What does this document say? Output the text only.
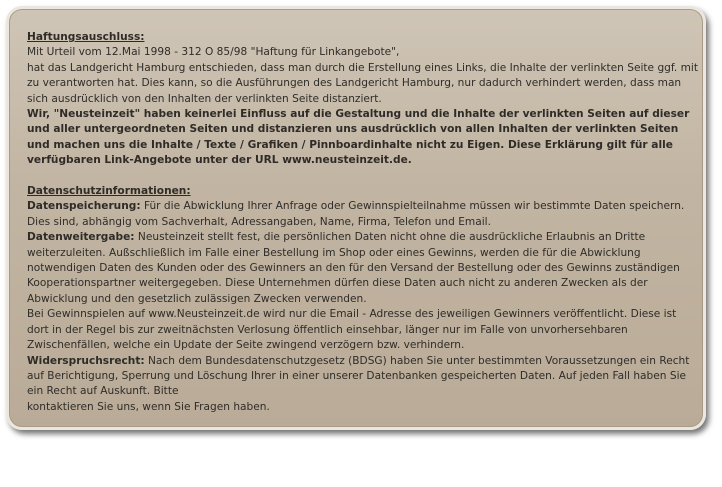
Haftungsauschluss:

Mit Urteil vom 12.Mai 1998 - 312 O 85/98 "Haftung für Linkangebote",

hat das Landgericht Hamburg entschieden, dass man durch die Erstellung eines Links, die Inhalte der verlinkten Seite ggf. mit zu verantworten hat. Dies kann, so die Ausführungen des Landgericht Hamburg, nur dadurch verhindert werden, dass man sich ausdrücklich von den Inhalten der verlinkten Seite distanziert.

Wir, "Neusteinzeit" haben keinerlei Einfluss auf die Gestaltung und die Inhalte der verlinkten Seiten auf dieser und aller untergeordneten Seiten und distanzieren uns ausdrücklich von allen Inhalten der verlinkten Seiten und machen uns die Inhalte / Texte / Grafiken / Pinnboardinhalte nicht zu Eigen. Diese Erklärung gilt für alle verfügbaren Link-Angebote unter der URL www.neusteinzeit.de.

Datenschutzinformationen:

Datenspeicherung: Für die Abwicklung Ihrer Anfrage oder Gewinnspielteilnahme müssen wir bestimmte Daten speichern. Dies sind, abhängig vom Sachverhalt, Adressangaben, Name, Firma, Telefon und Email.

Datenweitergabe: Neusteinzeit stellt fest, die persönlichen Daten nicht ohne die ausdrückliche Erlaubnis an Dritte weiterzuleiten. Außschließlich im Falle einer Bestellung im Shop oder eines Gewinns, werden die für die Abwicklung notwendigen Daten des Kunden oder des Gewinners an den für den Versand der Bestellung oder des Gewinns zuständigen Kooperationspartner weitergegeben. Diese Unternehmen dürfen diese Daten auch nicht zu anderen Zwecken als der Abwicklung und den gesetzlich zulässigen Zwecken verwenden.

Bei Gewinnspielen auf www.Neusteinzeit.de wird nur die Email - Adresse des jeweiligen Gewinners veröffentlicht. Diese ist dort in der Regel bis zur zweitnächsten Verlosung öffentlich einsehbar, länger nur im Falle von unvorhersehbaren Zwischenfällen, welche ein Update der Seite zwingend verzögern bzw. verhindern.

Widerspruchsrecht: Nach dem Bundesdatenschutzgesetz (BDSG) haben Sie unter bestimmten Voraussetzungen ein Recht auf Berichtigung, Sperrung und Löschung Ihrer in einer unserer Datenbanken gespeicherten Daten. Auf jeden Fall haben Sie ein Recht auf Auskunft. Bitte

kontaktieren Sie uns, wenn Sie Fragen haben.
